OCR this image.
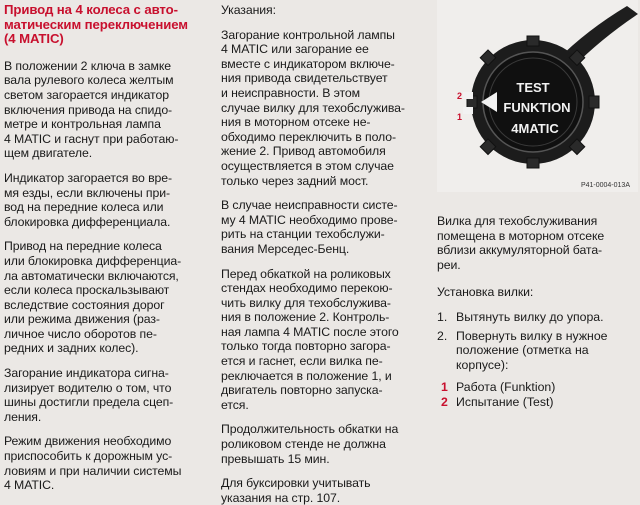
Привод на 4 колеса с авто-
матическим переключением
(4 MATIC)

В положении 2 ключа в замке
вала рулевого колеса желтым
светом загорается индикатор
включения привода на спидо-
метре и контрольная лампа
4 MATIC и гаснут при работаю-
щем двигателе.

Индикатор загорается во вре-
мя езды, если включены при-
вод на передние колеса или
блокировка дифференциала.

Привод на передние колеса
или блокировка дифференциа-
ла автоматически включаются,
если колеса проскальзывают
вследствие состояния дорог
или режима движения (раз-
личное число оборотов пе-
редних и задних колес).

Загорание индикатора сигна-
лизирует водителю о том, что
шины достигли предела сцеп-
ления.

Режим движения необходимо
приспособить к дорожным ус-
ловиям и при наличии системы
4 MATIC.

Указания:

Загорание контрольной лампы
4 MATIC или загорание ее
вместе с индикатором включе-
ния привода свидетельствует
и неисправности. В этом
случае вилку для техобслужива-
ния в моторном отсеке не-
обходимо переключить в поло-
жение 2. Привод автомобиля
осуществляется в этом случае
только через задний мост.

В случае неисправности систе-
му 4 MATIC необходимо прове-
рить на станции техобслужи-
вания Мерседес-Бенц.

Перед обкаткой на роликовых
стендах необходимо перекою-
чить вилку для техобслужива-
ния в положение 2. Контроль-
ная лампа 4 MATIC после этого
только тогда повторно загора-
ется и гаснет, если вилка пе-
реключается в положение 1, и
двигатель повторно запуска-
ется.

Продолжительность обкатки на
роликовом стенде не должна
превышать 15 мин.

Для буксировки учитывать
указания на стр. 107.

2
1
TEST
FUNKTION
4MATIC
P41-0004-013A

Вилка для техобслуживания
помещена в моторном отсеке
вблизи аккумуляторной бата-
реи.

Установка вилки:

1. Вытянуть вилку до упора.
2. Повернуть вилку в нужное
положение (отметка на
корпусе):
1 Работа (Funktion)
2 Испытание (Test)
